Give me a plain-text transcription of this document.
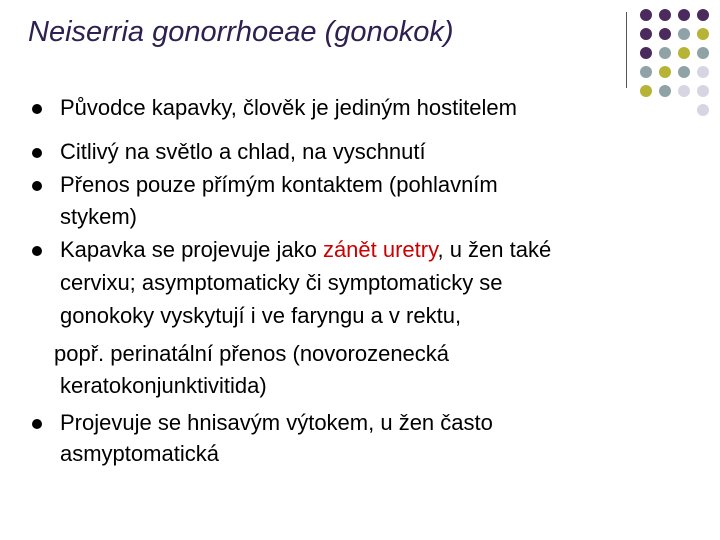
Neiserria gonorrhoeae (gonokok)
Původce kapavky, člověk je jediným hostitelem
Citlivý na světlo a chlad, na vyschnutí
Přenos pouze přímým kontaktem (pohlavním
stykem)
Kapavka se projevuje jako zánět uretry, u žen také
cervixu; asymptomaticky či symptomaticky se
gonokoky vyskytují i ve faryngu a v rektu,
popř. perinatální přenos (novorozenecká
keratokonjunktivitida)
Projevuje se hnisavým výtokem, u žen často
asmyptomatická
